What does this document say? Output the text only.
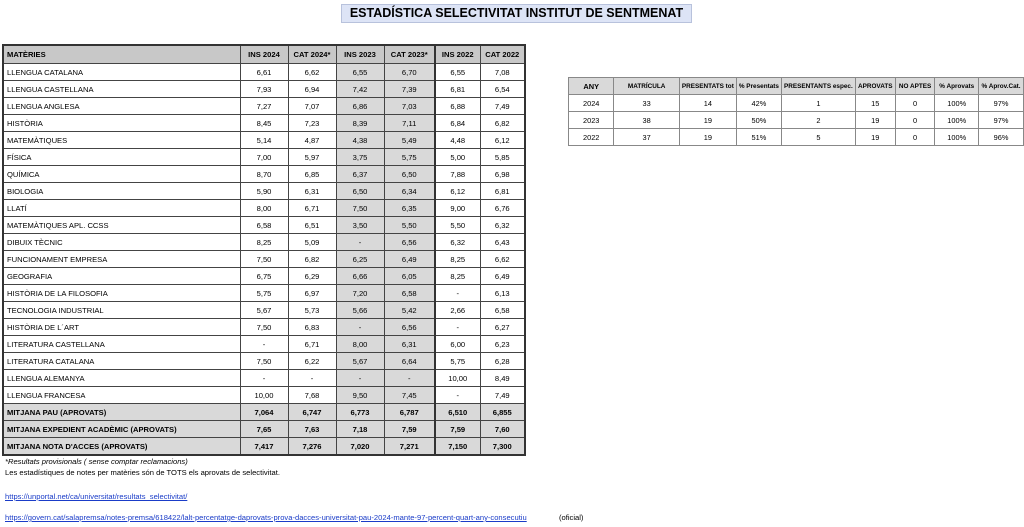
ESTADÍSTICA SELECTIVITAT INSTITUT DE SENTMENAT
MATÈRIES	INS 2024	CAT 2024*	INS 2023	CAT 2023*	INS 2022	CAT 2022
LLENGUA CATALANA	6,61	6,62	6,55	6,70	6,55	7,08
LLENGUA CASTELLANA	7,93	6,94	7,42	7,39	6,81	6,54
LLENGUA ANGLESA	7,27	7,07	6,86	7,03	6,88	7,49
HISTÒRIA	8,45	7,23	8,39	7,11	6,84	6,82
MATEMÀTIQUES	5,14	4,87	4,38	5,49	4,48	6,12
FÍSICA	7,00	5,97	3,75	5,75	5,00	5,85
QUÍMICA	8,70	6,85	6,37	6,50	7,88	6,98
BIOLOGIA	5,90	6,31	6,50	6,34	6,12	6,81
LLATÍ	8,00	6,71	7,50	6,35	9,00	6,76
MATEMÀTIQUES APL. CCSS	6,58	6,51	3,50	5,50	5,50	6,32
DIBUIX TÈCNIC	8,25	5,09	-	6,56	6,32	6,43
FUNCIONAMENT EMPRESA	7,50	6,82	6,25	6,49	8,25	6,62
GEOGRAFIA	6,75	6,29	6,66	6,05	8,25	6,49
HISTÒRIA DE LA FILOSOFIA	5,75	6,97	7,20	6,58	-	6,13
TECNOLOGIA INDUSTRIAL	5,67	5,73	5,66	5,42	2,66	6,58
HISTÒRIA DE L´ART	7,50	6,83	-	6,56	-	6,27
LITERATURA CASTELLANA	-	6,71	8,00	6,31	6,00	6,23
LITERATURA CATALANA	7,50	6,22	5,67	6,64	5,75	6,28
LLENGUA ALEMANYA	-	-	-	-	10,00	8,49
LLENGUA FRANCESA	10,00	7,68	9,50	7,45	-	7,49
MITJANA PAU (APROVATS)	7,064	6,747	6,773	6,787	6,510	6,855
MITJANA EXPEDIENT ACADÈMIC (APROVATS)	7,65	7,63	7,18	7,59	7,59	7,60
MITJANA NOTA D'ACCES (APROVATS)	7,417	7,276	7,020	7,271	7,150	7,300
ANY	MATRÍCULA	PRESENTATS tot	% Presentats	PRESENTANTS espec.	APROVATS	NO APTES	% Aprovats	% Aprov.Cat.
2024	33	14	42%	1	15	0	100%	97%
2023	38	19	50%	2	19	0	100%	97%
2022	37	19	51%	5	19	0	100%	96%
*Resultats provisionals ( sense comptar reclamacions)
Les estadístiques de notes per matèries són de TOTS els aprovats de selectivitat.
https://unportal.net/ca/universitat/resultats_selectivitat/
https://govern.cat/salapremsa/notes-premsa/618422/lalt-percentatge-daprovats-prova-dacces-universitat-pau-2024-mante-97-percent-quart-any-consecutiu	(oficial)
